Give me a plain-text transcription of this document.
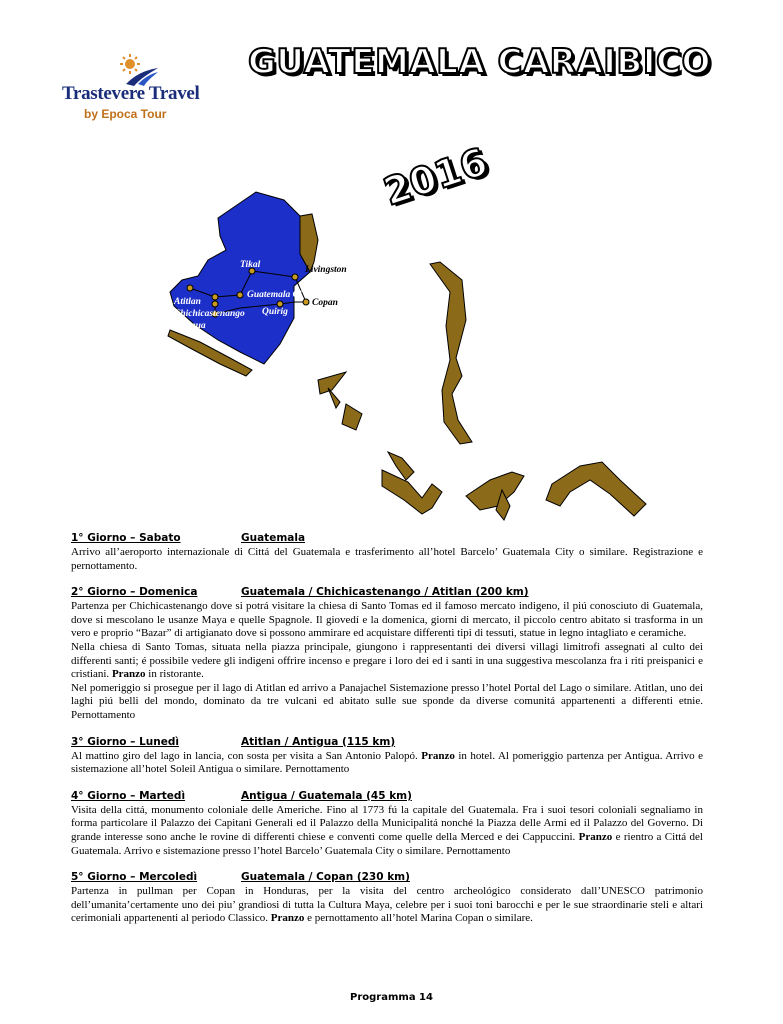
Trastevere Travel
by Epoca Tour
GUATEMALA CARAIBICO
2016
Tikal	Livingston
Atitlan
Guatemala Ci
Copan
Chichicastenango Quirig
Antigua
1° Giorno – Sabato	Guatemala

Arrivo all’aeroporto internazionale di Cittá del Guatemala e trasferimento all’hotel Barcelo’ Guatemala City o similare. Registrazione e pernottamento.

2° Giorno – Domenica	Guatemala / Chichicastenango / Atitlan (200 km)

Partenza per Chichicastenango dove si potrá visitare la chiesa di Santo Tomas ed il famoso mercato indigeno, il piú conosciuto di Guatemala, dove si mescolano le usanze Maya e quelle Spagnole. Il giovedí e la domenica, giorni di mercato, il piccolo centro abitato si trasforma in un vero e proprio “Bazar” di artigianato dove si possono ammirare ed acquistare differenti tipi di tessuti, statue in legno intagliato e ceramiche.

Nella chiesa di Santo Tomas, situata nella piazza principale, giungono i rappresentanti dei diversi villagi limitrofi assegnati al culto dei differenti santi; é possibile vedere gli indigeni offrire incenso e pregare i loro dei ed i santi in una suggestiva mescolanza fra i riti preispanici e cristiani. Pranzo in ristorante.

Nel pomeriggio si prosegue per il lago di Atitlan ed arrivo a Panajachel Sistemazione presso l’hotel Portal del Lago o similare. Atitlan, uno dei laghi piú belli del mondo, dominato da tre vulcani ed abitato sulle sue sponde da diverse comunitá appartenenti a differenti etnie. Pernottamento

3° Giorno – Lunedì	Atitlan / Antigua (115 km)

Al mattino giro del lago in lancia, con sosta per visita a San Antonio Palopó. Pranzo in hotel. Al pomeriggio partenza per Antigua. Arrivo e sistemazione all’hotel Soleil Antigua o similare. Pernottamento

4° Giorno – Martedì	Antigua / Guatemala (45 km)

Visita della cittá, monumento coloniale delle Americhe. Fino al 1773 fú la capitale del Guatemala. Fra i suoi tesori coloniali segnaliamo in forma particolare il Palazzo dei Capitani Generali ed il Palazzo della Municipalitá nonché la Piazza delle Armi ed il Palazzo del Governo. Di grande interesse sono anche le rovine di differenti chiese e conventi come quelle della Merced e dei Cappuccini. Pranzo e rientro a Cittá del Guatemala. Arrivo e sistemazione presso l’hotel Barcelo’ Guatemala City o similare. Pernottamento

5° Giorno – Mercoledì	Guatemala / Copan (230 km)

Partenza in pullman per Copan in Honduras, per la visita del centro archeológico considerato dall’UNESCO patrimonio dell’umanita’certamente uno dei piu’ grandiosi di tutta la Cultura Maya, celebre per i suoi toni barocchi e per le sue straordinarie steli e altari cerimoniali appartenenti al periodo Classico. Pranzo e pernottamento all’hotel Marina Copan o similare.

Programma 14
